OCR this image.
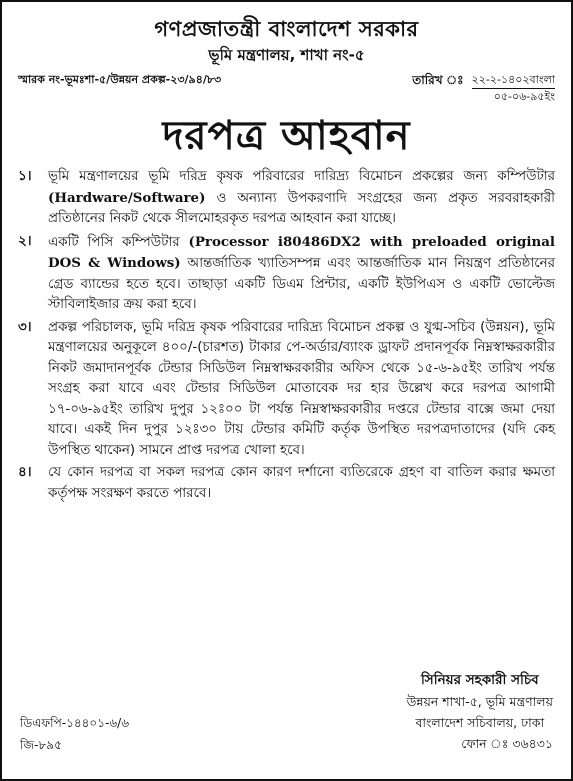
গণপ্রজাতন্ত্রী বাংলাদেশ সরকার
ভূমি মন্ত্রণালয়, শাখা নং-৫
স্মারক নং-ভূমঃশা-৫/উন্নয়ন প্রকল্প-২৩/৯৪/৮৩	তারিখ ঃ ২২-২-১৪০২বাংলা
০৫-০৬-৯৫ইং
দরপত্র আহবান
১।	ভূমি মন্ত্রণালয়ের ভূমি দরিদ্র কৃষক পরিবারের দারিদ্র্য বিমোচন প্রকল্পের জন্য কম্পিউটার (Hardware/Software) ও অন্যান্য উপকরণাদি সংগ্রহের জন্য প্রকৃত সরবরাহকারী প্রতিষ্ঠানের নিকট থেকে সীলমোহরকৃত দরপত্র আহবান করা যাচ্ছে।
২।	একটি পিসি কম্পিউটার (Processor i80486DX2 with preloaded original DOS & Windows) আন্তর্জাতিক খ্যাতিসম্পন্ন এবং আন্তর্জাতিক মান নিয়ন্ত্রণ প্রতিষ্ঠানের গ্রেড ব্যান্ডের হতে হবে। তাছাড়া একটি ডিএম প্রিন্টার, একটি ইউপিএস ও একটি ভোল্টেজ স্টাবিলাইজার ক্রয় করা হবে।
৩।	প্রকল্প পরিচালক, ভূমি দরিদ্র কৃষক পরিবারের দারিদ্র্য বিমোচন প্রকল্প ও যুগ্ম-সচিব (উন্নয়ন), ভূমি মন্ত্রণালয়ের অনুকূলে ৪০০/-(চারশত) টাকার পে-অর্ডার/ব্যাংক ড্রাফট প্রদানপূর্বক নিম্নস্বাক্ষরকারীর নিকট জমাদানপূর্বক টেন্ডার সিডিউল নিম্নস্বাক্ষরকারীর অফিস থেকে ১৫-৬-৯৫ইং তারিখ পর্যন্ত সংগ্রহ করা যাবে এবং টেন্ডার সিডিউল মোতাবেক দর হার উল্লেখ করে দরপত্র আগামী ১৭-০৬-৯৫ইং তারিখ দুপুর ১২ঃ০০ টা পর্যন্ত নিম্নস্বাক্ষরকারীর দপ্তরে টেন্ডার বাক্সে জমা দেয়া যাবে। একই দিন দুপুর ১২ঃ৩০ টায় টেন্ডার কমিটি কর্তৃক উপস্থিত দরপত্রদাতাদের (যদি কেহ উপস্থিত থাকেন) সামনে প্রাপ্ত দরপত্র খোলা হবে।
৪।	যে কোন দরপত্র বা সকল দরপত্র কোন কারণ দর্শানো ব্যতিরেকে গ্রহণ বা বাতিল করার ক্ষমতা কর্তৃপক্ষ সংরক্ষণ করতে পারবে।
ডিএফপি-১৪৪০১-৬/৬
জি-৮৯৫
সিনিয়র সহকারী সচিব
উন্নয়ন শাখা-৫, ভূমি মন্ত্রণালয়
বাংলাদেশ সচিবালয়, ঢাকা
ফোন ঃ ৩৬৪৩১
